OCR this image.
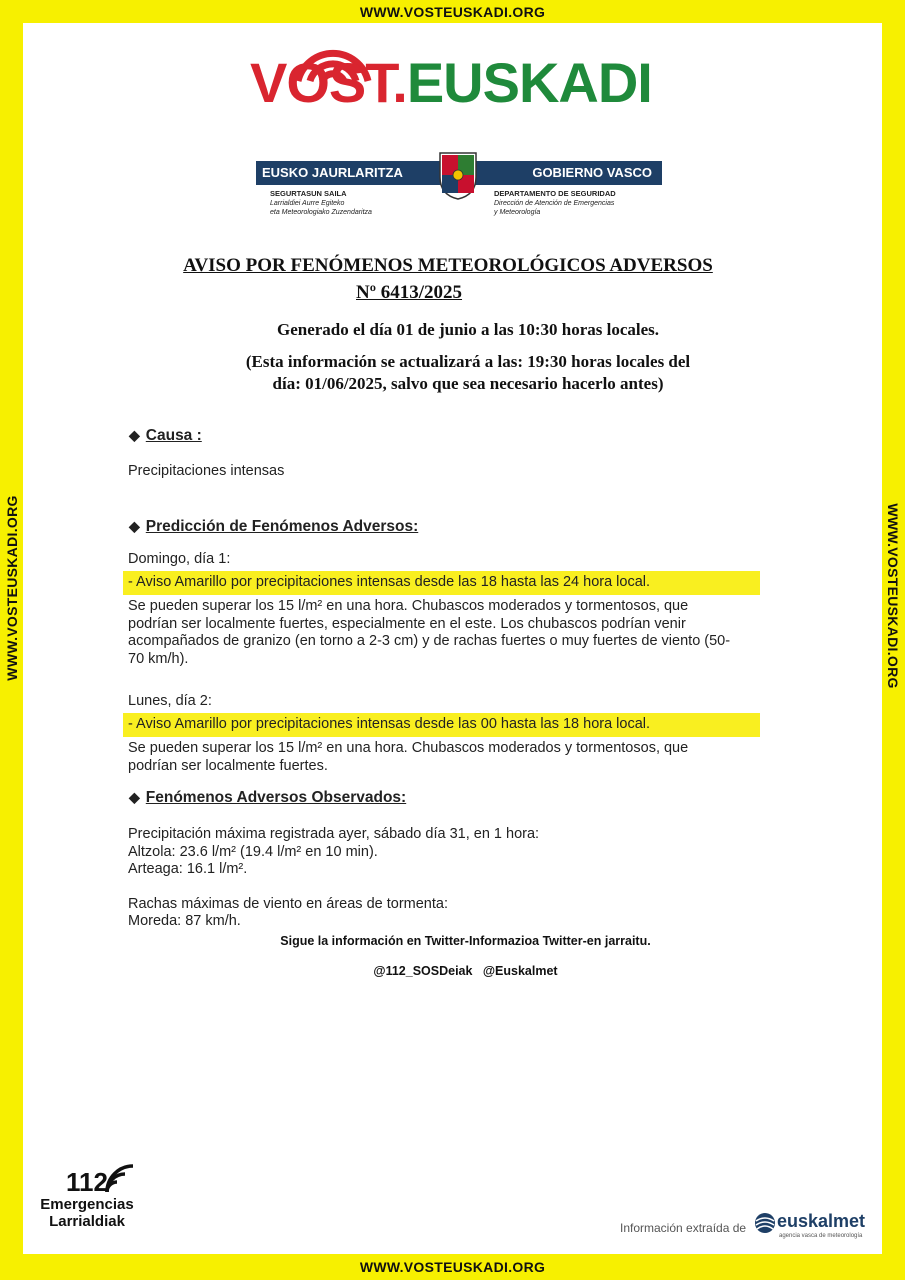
WWW.VOSTEUSKADI.ORG
WWW.VOSTEUSKADI.ORG
WWW.VOSTEUSKADI.ORG	WWW.VOSTEUSKADI.ORG
VOST.EUSKADI
EUSKO JAURLARITZA	GOBIERNO VASCO
SEGURTASUN SAILA
Larrialdiei Aurre Egiteko
eta Meteorologiako Zuzendaritza
DEPARTAMENTO DE SEGURIDAD
Dirección de Atención de Emergencias
y Meteorología
AVISO POR FENÓMENOS METEOROLÓGICOS ADVERSOS
Nº 6413/2025
Generado el día 01 de junio a las 10:30 horas locales.
(Esta información se actualizará a las: 19:30 horas locales del
día: 01/06/2025, salvo que sea necesario hacerlo antes)
◆ Causa :
Precipitaciones intensas
◆ Predicción de Fenómenos Adversos:
Domingo, día 1:
- Aviso Amarillo por precipitaciones intensas desde las 18 hasta las 24 hora local.
Se pueden superar los 15 l/m² en una hora. Chubascos moderados y tormentosos, que
podrían ser localmente fuertes, especialmente en el este. Los chubascos podrían venir
acompañados de granizo (en torno a 2-3 cm) y de rachas fuertes o muy fuertes de viento (50-
70 km/h).
Lunes, día 2:
- Aviso Amarillo por precipitaciones intensas desde las 00 hasta las 18 hora local.
Se pueden superar los 15 l/m² en una hora. Chubascos moderados y tormentosos, que
podrían ser localmente fuertes.
◆ Fenómenos Adversos Observados:
Precipitación máxima registrada ayer, sábado día 31, en 1 hora:
Altzola: 23.6 l/m² (19.4 l/m² en 10 min).
Arteaga: 16.1 l/m².
Rachas máximas de viento en áreas de tormenta:
Moreda: 87 km/h.
Sigue la información en Twitter-Informazioa Twitter-en jarraitu.
@112_SOSDeiak   @Euskalmet
112
Emergencias
Larrialdiak	Información extraída de euskalmet
agencia vasca de meteorología
